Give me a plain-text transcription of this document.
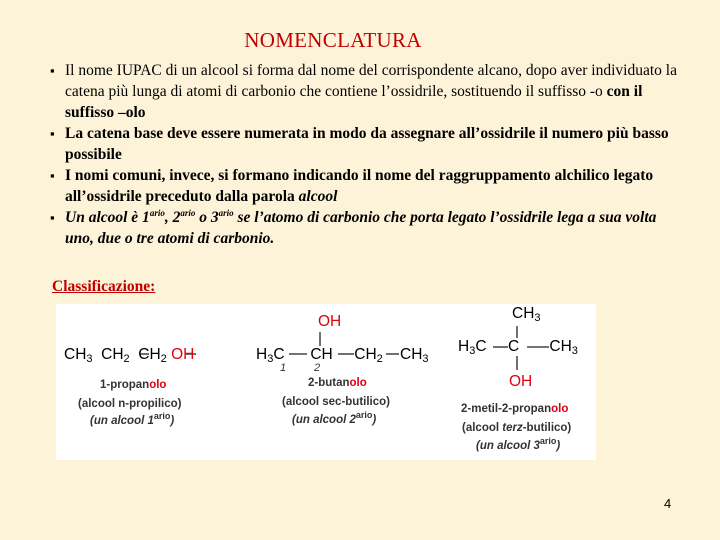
NOMENCLATURA
▪ Il nome IUPAC di un alcool si forma dal nome del corrispondente alcano, dopo aver individuato la catena più lunga di atomi di carbonio che contiene l’ossidrile, sostituendo il suffisso -o con il suffisso –olo
▪ La catena base deve essere numerata in modo da assegnare all’ossidrile il numero più basso possibile
▪ I nomi comuni, invece, si formano indicando il nome del raggruppamento alchilico legato all’ossidrile preceduto dalla parola alcool
▪ Un alcool è $1^{ario}$, $2^{ario}$ o $3^{ario}$ se l’atomo di carbonio che porta legato l’ossidrile lega a sua volta uno, due o tre atomi di carbonio.
Classificazione:
$CH_3$  $CH_2$  $CH_2$ OH
1-propanolo
(alcool n-propilico)
(un alcool $1^{ario}$)
OH
$H_3C$      CH     $CH_2$    $CH_3$
1	2
2-butanolo
(alcool sec-butilico)
(un alcool $2^{ario}$)
$CH_3$
$H_3C$     C       $CH_3$
OH
2-metil-2-propanolo
(alcool terz-butilico)
(un alcool $3^{ario}$)
4
